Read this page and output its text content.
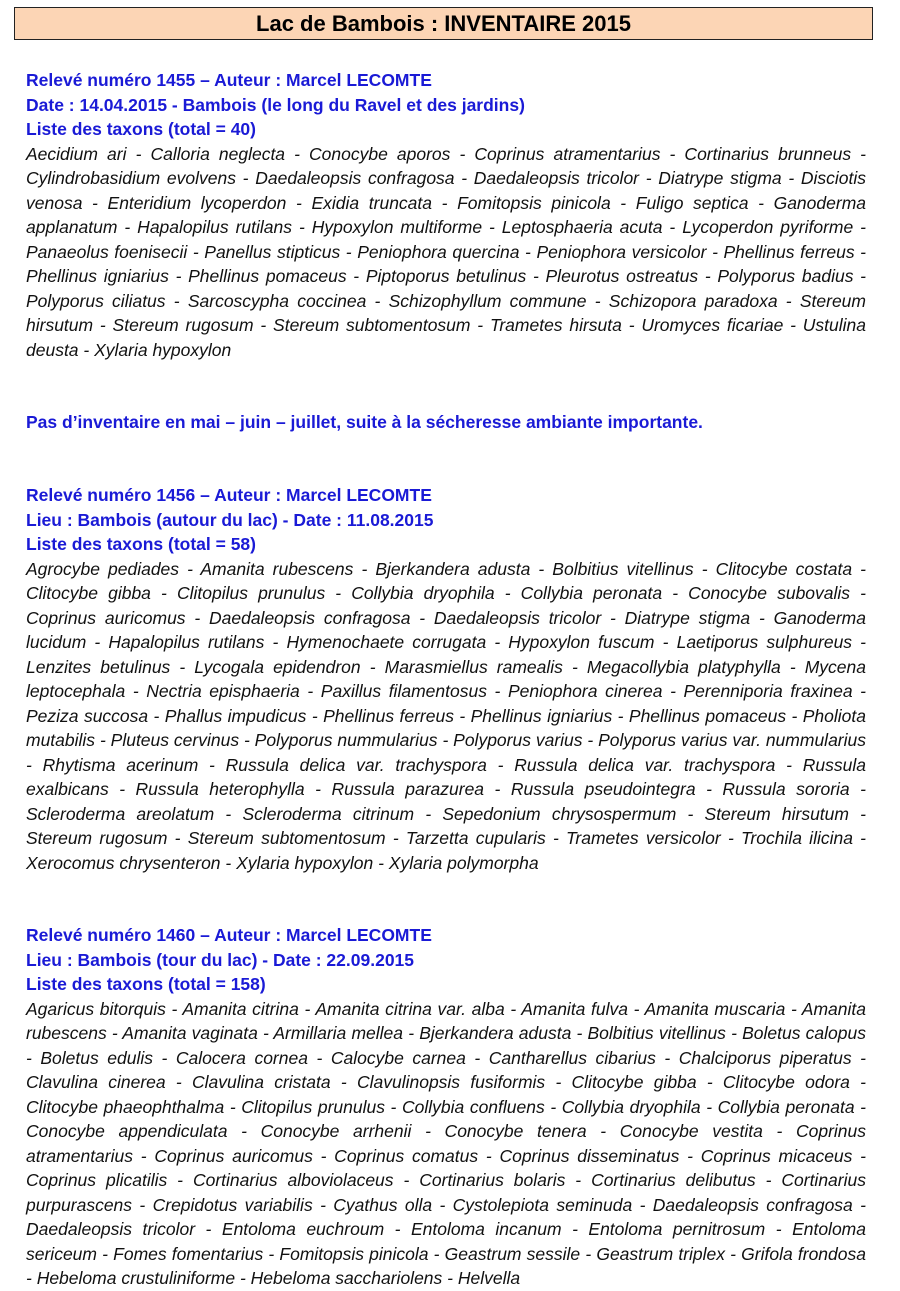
Lac de Bambois : INVENTAIRE 2015
Relevé numéro 1455 – Auteur : Marcel LECOMTE
Date : 14.04.2015 - Bambois (le long du Ravel et des jardins)
Liste des taxons (total = 40)
Aecidium ari - Calloria neglecta - Conocybe aporos - Coprinus atramentarius - Cortinarius brunneus - Cylindrobasidium evolvens - Daedaleopsis confragosa - Daedaleopsis tricolor - Diatrype stigma - Disciotis venosa - Enteridium lycoperdon - Exidia truncata - Fomitopsis pinicola - Fuligo septica - Ganoderma applanatum - Hapalopilus rutilans - Hypoxylon multiforme - Leptosphaeria acuta - Lycoperdon pyriforme - Panaeolus foenisecii - Panellus stipticus - Peniophora quercina - Peniophora versicolor - Phellinus ferreus - Phellinus igniarius - Phellinus pomaceus - Piptoporus betulinus - Pleurotus ostreatus - Polyporus badius - Polyporus ciliatus - Sarcoscypha coccinea - Schizophyllum commune - Schizopora paradoxa - Stereum hirsutum - Stereum rugosum - Stereum subtomentosum - Trametes hirsuta - Uromyces ficariae - Ustulina deusta - Xylaria hypoxylon
Pas d’inventaire en mai – juin – juillet, suite à la sécheresse ambiante importante.
Relevé numéro 1456 – Auteur : Marcel LECOMTE
Lieu : Bambois (autour du lac) - Date : 11.08.2015
Liste des taxons (total = 58)
Agrocybe pediades - Amanita rubescens - Bjerkandera adusta - Bolbitius vitellinus - Clitocybe costata - Clitocybe gibba - Clitopilus prunulus - Collybia dryophila - Collybia peronata - Conocybe subovalis - Coprinus auricomus - Daedaleopsis confragosa - Daedaleopsis tricolor - Diatrype stigma - Ganoderma lucidum - Hapalopilus rutilans - Hymenochaete corrugata - Hypoxylon fuscum - Laetiporus sulphureus - Lenzites betulinus - Lycogala epidendron - Marasmiellus ramealis - Megacollybia platyphylla - Mycena leptocephala - Nectria episphaeria - Paxillus filamentosus - Peniophora cinerea - Perenniporia fraxinea - Peziza succosa - Phallus impudicus - Phellinus ferreus - Phellinus igniarius - Phellinus pomaceus - Pholiota mutabilis - Pluteus cervinus - Polyporus nummularius - Polyporus varius - Polyporus varius var. nummularius - Rhytisma acerinum - Russula delica var. trachyspora - Russula delica var. trachyspora - Russula exalbicans - Russula heterophylla - Russula parazurea - Russula pseudointegra - Russula sororia - Scleroderma areolatum - Scleroderma citrinum - Sepedonium chrysospermum - Stereum hirsutum - Stereum rugosum - Stereum subtomentosum - Tarzetta cupularis - Trametes versicolor - Trochila ilicina - Xerocomus chrysenteron - Xylaria hypoxylon - Xylaria polymorpha
Relevé numéro 1460 – Auteur : Marcel LECOMTE
Lieu : Bambois (tour du lac) - Date : 22.09.2015
Liste des taxons (total = 158)
Agaricus bitorquis - Amanita citrina - Amanita citrina var. alba - Amanita fulva - Amanita muscaria - Amanita rubescens - Amanita vaginata - Armillaria mellea - Bjerkandera adusta - Bolbitius vitellinus - Boletus calopus - Boletus edulis - Calocera cornea - Calocybe carnea - Cantharellus cibarius - Chalciporus piperatus - Clavulina cinerea - Clavulina cristata - Clavulinopsis fusiformis - Clitocybe gibba - Clitocybe odora - Clitocybe phaeophthalma - Clitopilus prunulus - Collybia confluens - Collybia dryophila - Collybia peronata - Conocybe appendiculata - Conocybe arrhenii - Conocybe tenera - Conocybe vestita - Coprinus atramentarius - Coprinus auricomus - Coprinus comatus - Coprinus disseminatus - Coprinus micaceus - Coprinus plicatilis - Cortinarius alboviolaceus - Cortinarius bolaris - Cortinarius delibutus - Cortinarius purpurascens - Crepidotus variabilis - Cyathus olla - Cystolepiota seminuda - Daedaleopsis confragosa - Daedaleopsis tricolor - Entoloma euchroum - Entoloma incanum - Entoloma pernitrosum - Entoloma sericeum - Fomes fomentarius - Fomitopsis pinicola - Geastrum sessile - Geastrum triplex - Grifola frondosa - Hebeloma crustuliniforme - Hebeloma sacchariolens - Helvella
